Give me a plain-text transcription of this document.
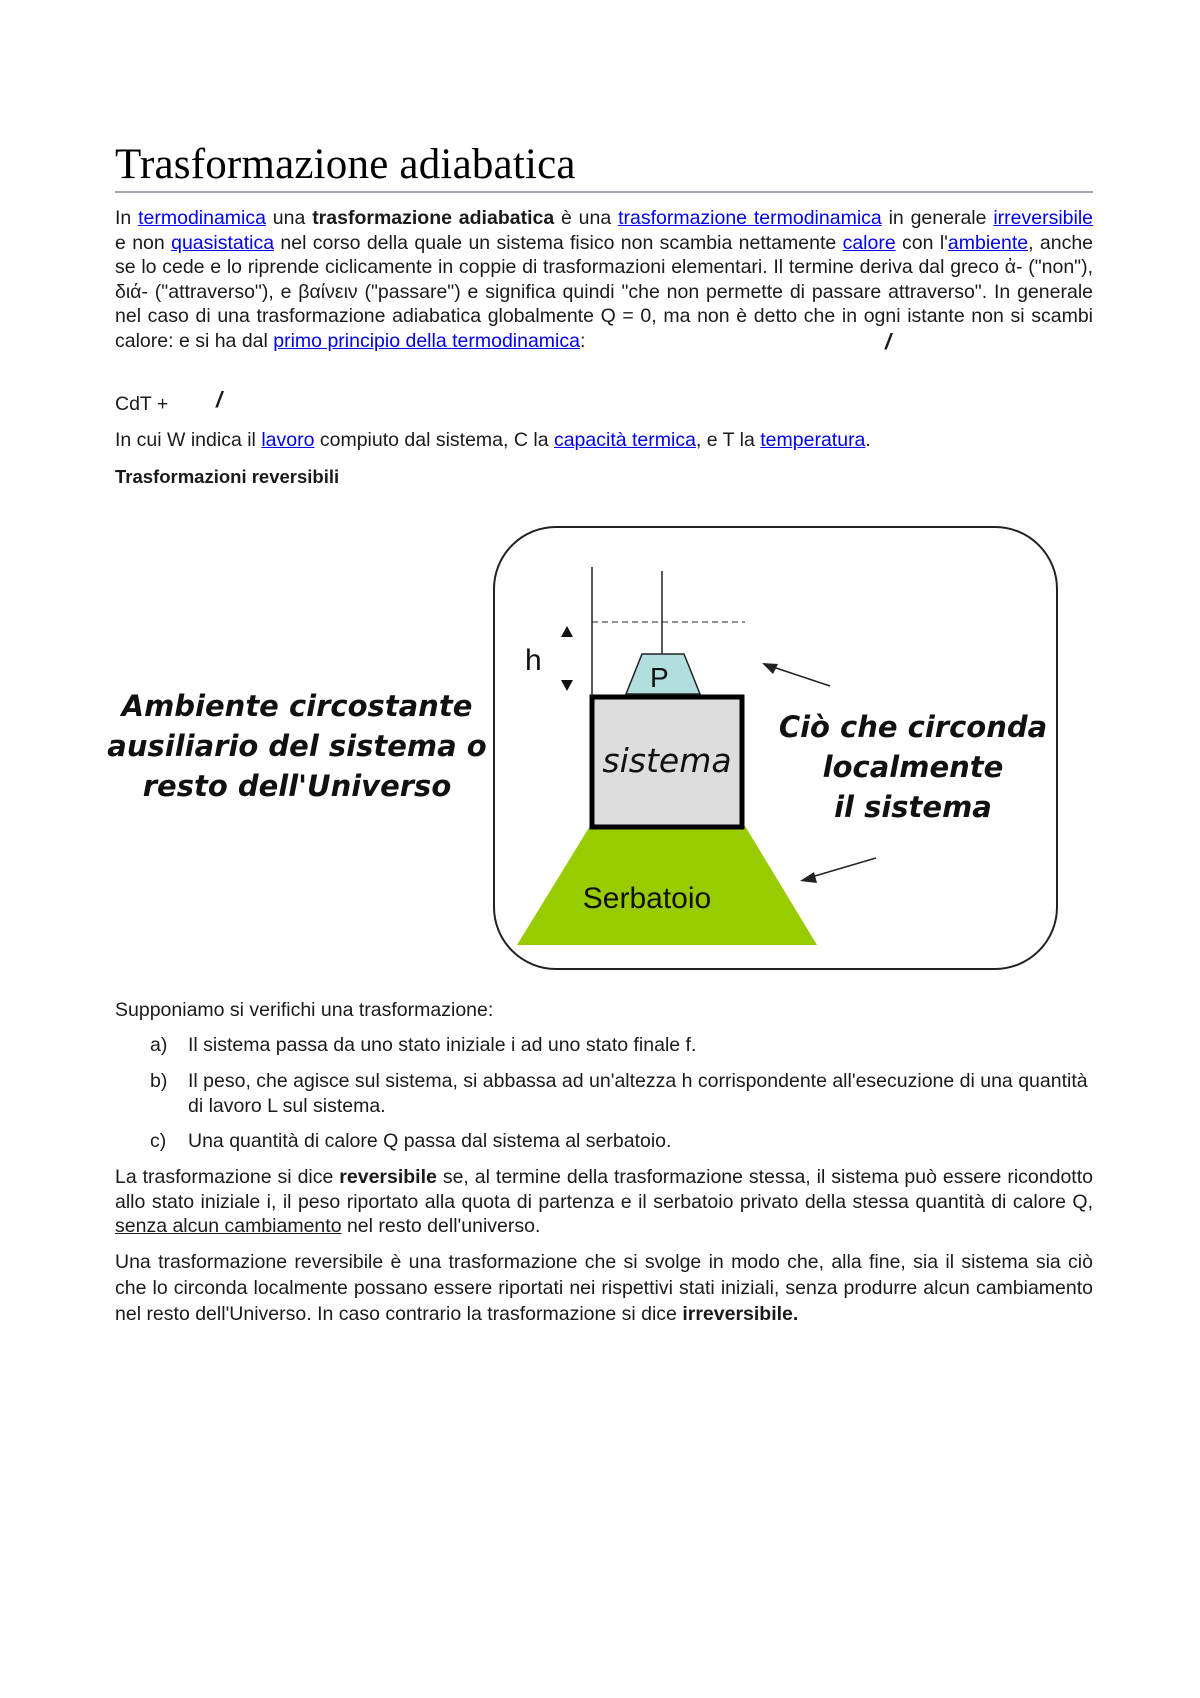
Trasformazione adiabatica

In termodinamica una trasformazione adiabatica è una trasformazione termodinamica in generale irreversibile e non quasistatica nel corso della quale un sistema fisico non scambia nettamente calore con l'ambiente, anche se lo cede e lo riprende ciclicamente in coppie di trasformazioni elementari. Il termine deriva dal greco ἀ- ("non"), διά- ("attraverso"), e βαίνειν ("passare") e significa quindi "che non permette di passare attraverso". In generale nel caso di una trasformazione adiabatica globalmente Q = 0, ma non è detto che in ogni istante non si scambi calore: e si ha dal primo principio della termodinamica:	/
CdT + /

In cui W indica il lavoro compiuto dal sistema, C la capacità termica, e T la temperatura.

Trasformazioni reversibili
h
P
sistema
Serbatoio
Ambiente circostante
ausiliario del sistema o
resto dell'Universo
Ciò che circonda
localmente
il sistema

Supponiamo si verifichi una trasformazione:

a) Il sistema passa da uno stato iniziale i ad uno stato finale f.
b) Il peso, che agisce sul sistema, si abbassa ad un'altezza h corrispondente all'esecuzione di una quantità di lavoro L sul sistema.
c) Una quantità di calore Q passa dal sistema al serbatoio.

La trasformazione si dice reversibile se, al termine della trasformazione stessa, il sistema può essere ricondotto allo stato iniziale i, il peso riportato alla quota di partenza e il serbatoio privato della stessa quantità di calore Q, senza alcun cambiamento nel resto dell'universo.

Una trasformazione reversibile è una trasformazione che si svolge in modo che, alla fine, sia il sistema sia ciò che lo circonda localmente possano essere riportati nei rispettivi stati iniziali, senza produrre alcun cambiamento nel resto dell'Universo. In caso contrario la trasformazione si dice irreversibile.
